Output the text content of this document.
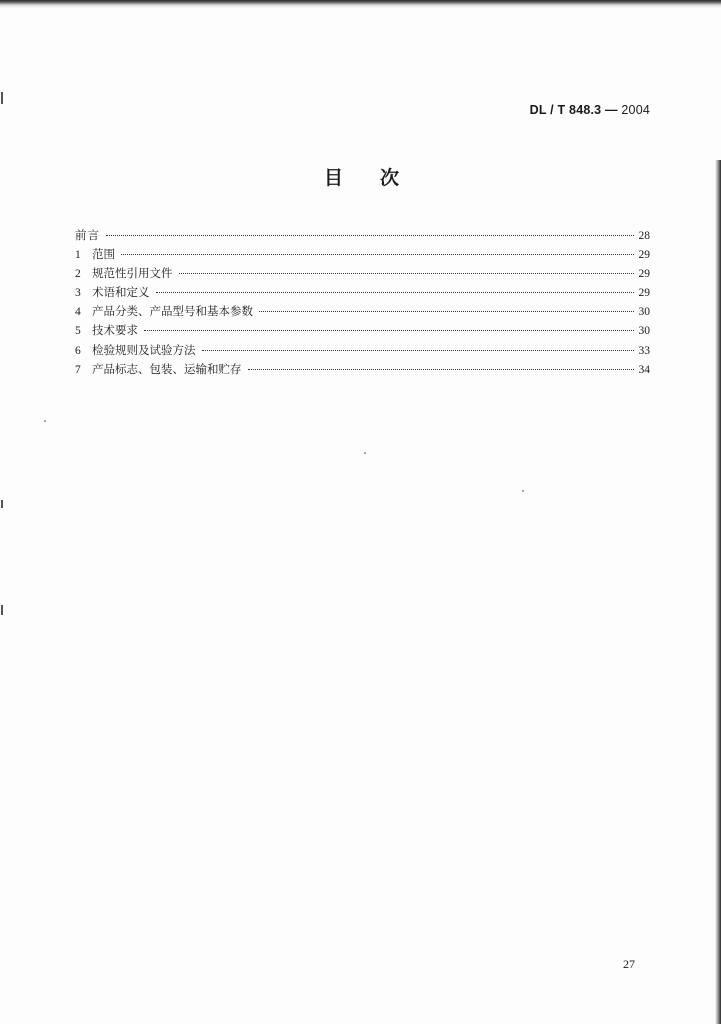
DL / T 848.3 — 2004
目次
前言	28
1 范围	29
2 规范性引用文件	29
3 术语和定义	29
4 产品分类、产品型号和基本参数	30
5 技术要求	30
6 检验规则及试验方法	33
7 产品标志、包装、运输和贮存	34
27
